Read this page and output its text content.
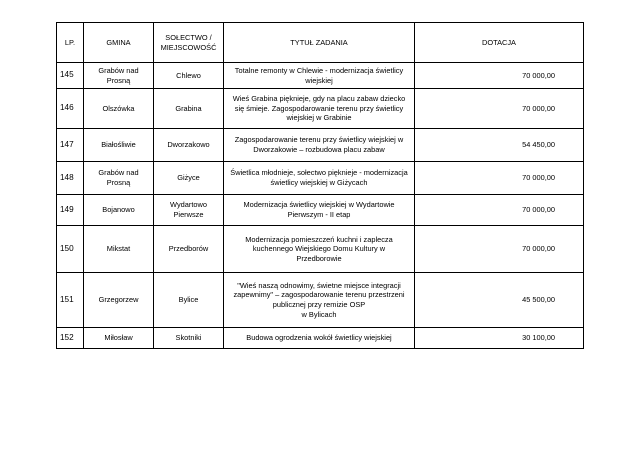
LP.	GMINA	SOŁECTWO /
MIEJSCOWOŚĆ	TYTUŁ ZADANIA	DOTACJA
145	Grabów nad
Prosną	Chlewo	Totalne remonty w Chlewie - modernizacja świetlicy
wiejskiej	70 000,00
146	Olszówka	Grabina	Wieś Grabina pięknieje, gdy na placu zabaw dziecko
się śmieje. Zagospodarowanie terenu przy świetlicy
wiejskiej w Grabinie	70 000,00
147	Białośliwie	Dworzakowo	Zagospodarowanie terenu przy świetlicy wiejskiej w
Dworzakowie – rozbudowa placu zabaw	54 450,00
148	Grabów nad
Prosną	Giżyce	Świetlica młodnieje, sołectwo pięknieje - modernizacja
świetlicy wiejskiej w Giżycach	70 000,00
149	Bojanowo	Wydartowo
Pierwsze	Modernizacja świetlicy wiejskiej w Wydartowie
Pierwszym - II etap	70 000,00
150	Mikstat	Przedborów	Modernizacja pomieszczeń kuchni i zaplecza
kuchennego Wiejskiego Domu Kultury w
Przedborowie	70 000,00
151	Grzegorzew	Bylice	"Wieś naszą odnowimy, świetne miejsce integracji
zapewnimy" – zagospodarowanie terenu przestrzeni
publicznej przy remizie OSP
w Bylicach	45 500,00
152	Miłosław	Skotniki	Budowa ogrodzenia wokół świetlicy wiejskiej	30 100,00
